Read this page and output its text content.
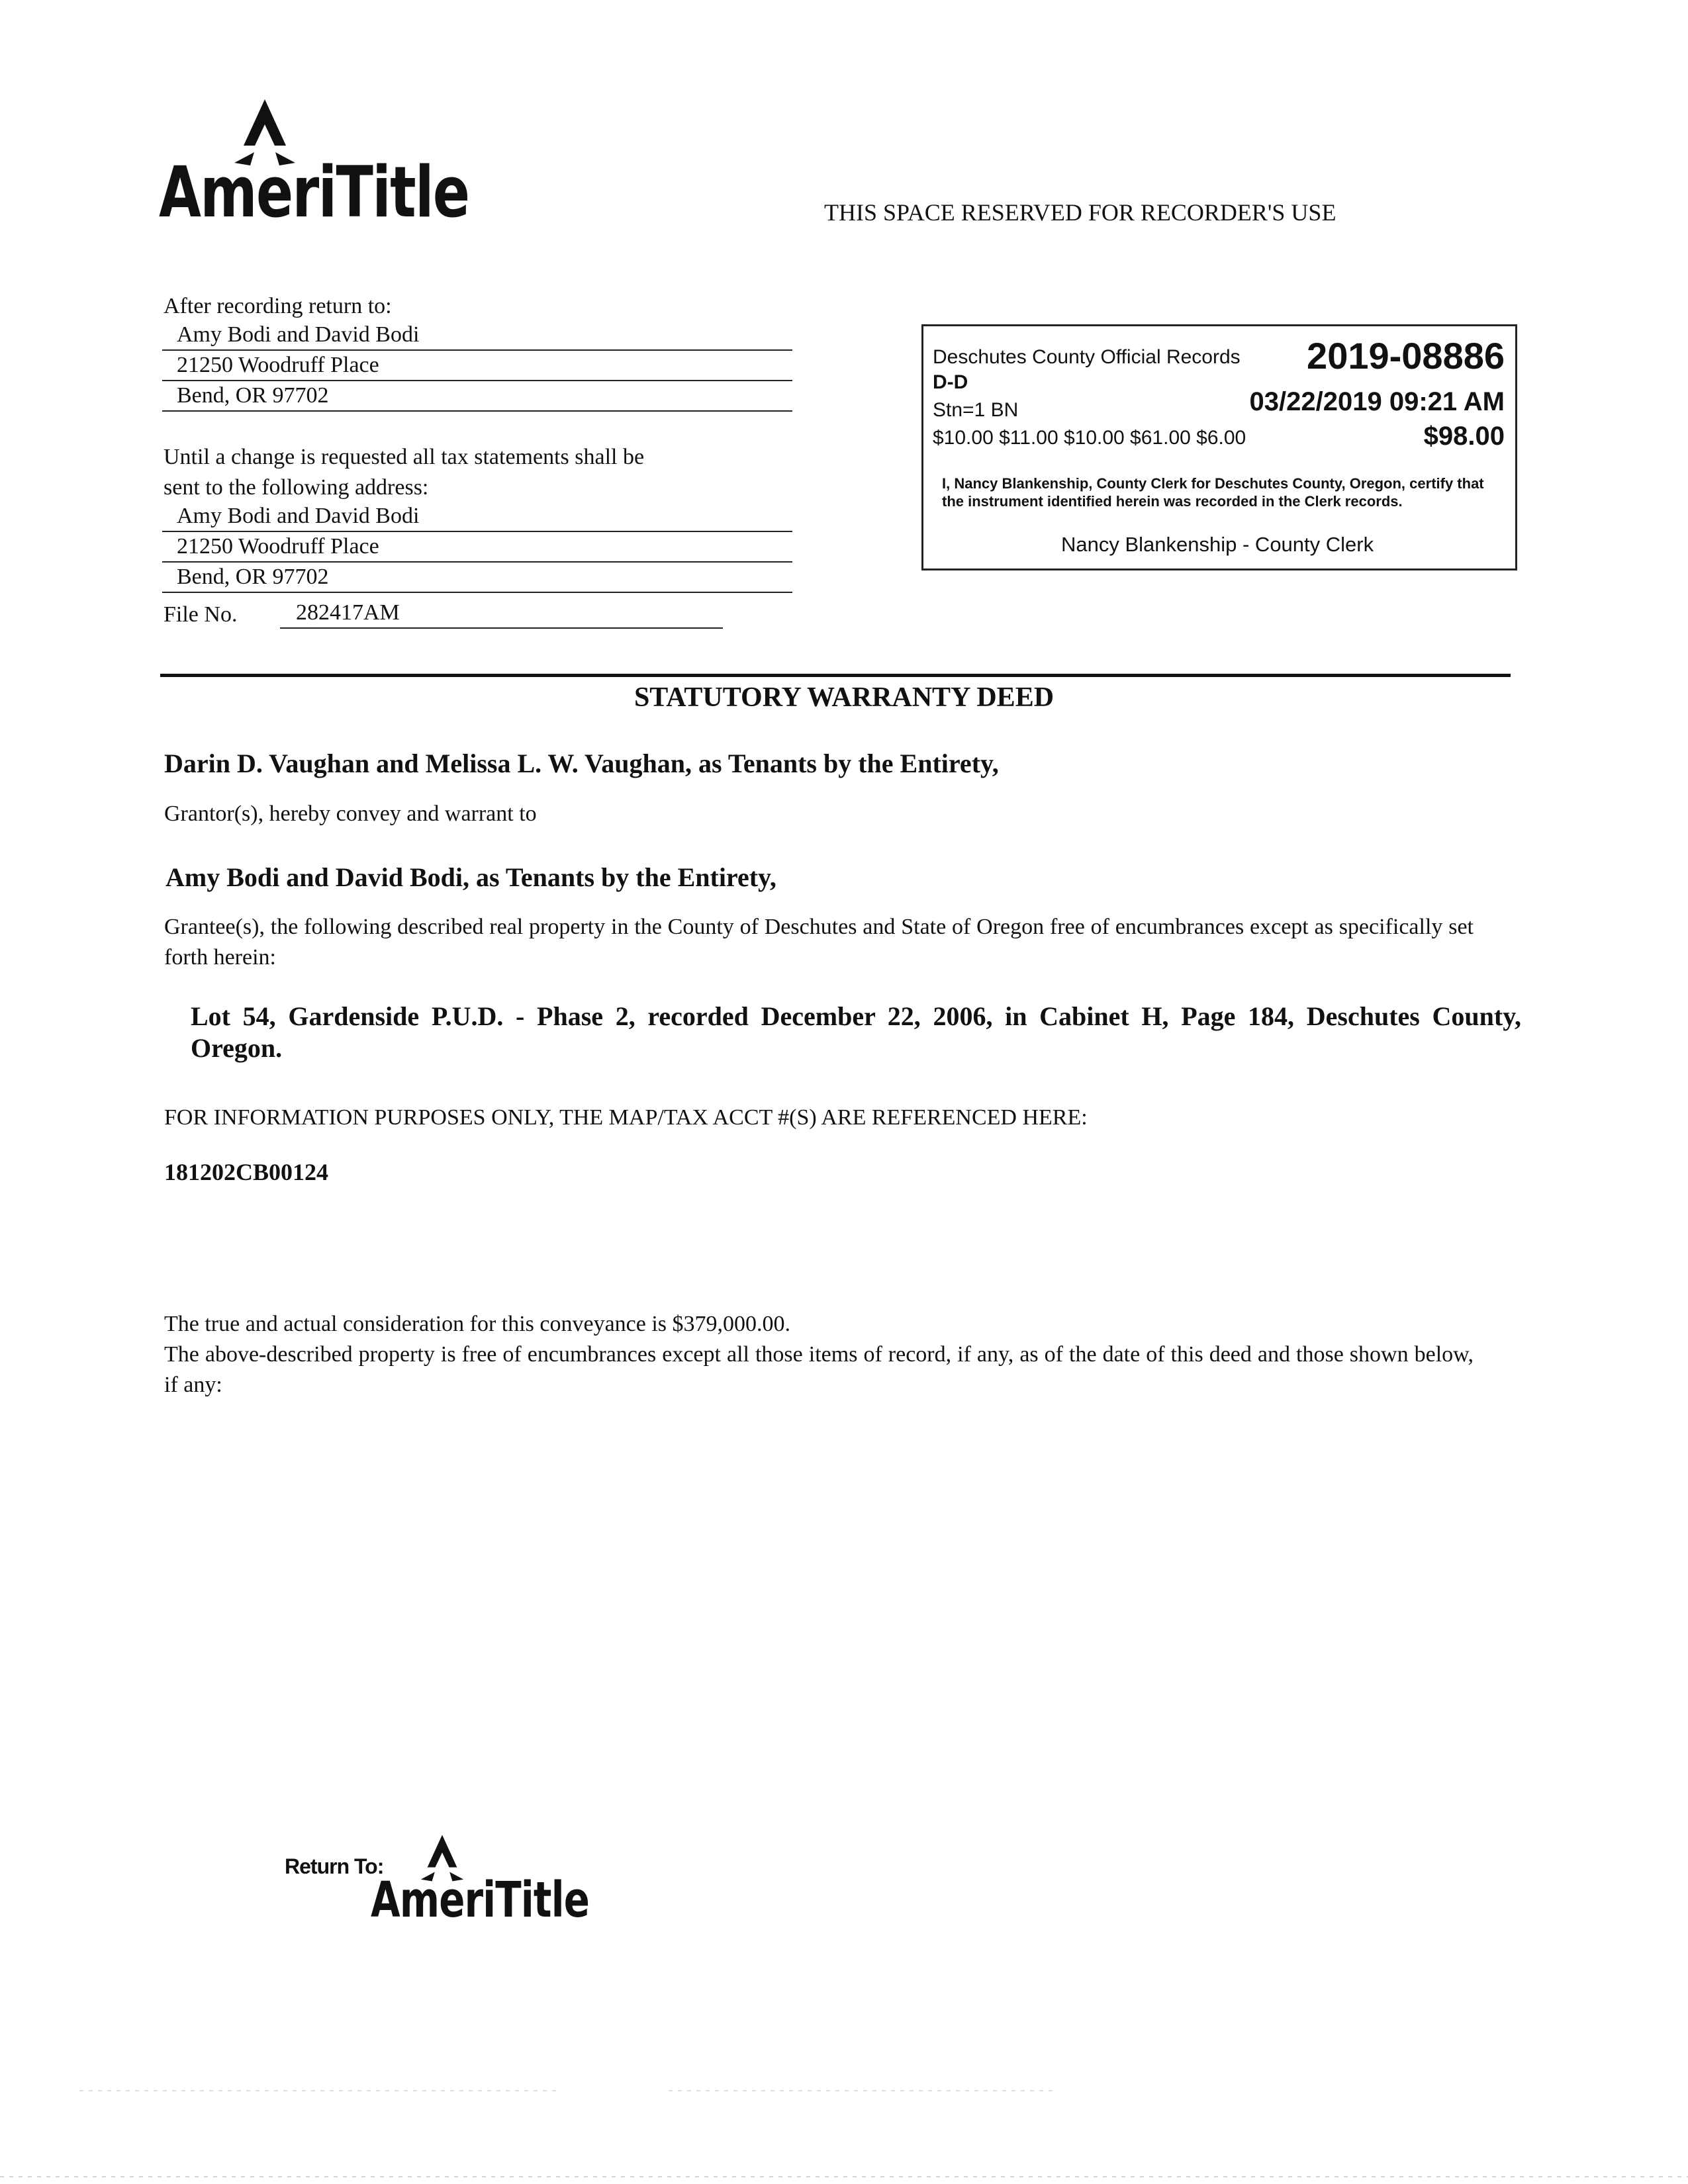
AmeriTitle	THIS SPACE RESERVED FOR RECORDER'S USE
After recording return to:
Amy Bodi and David Bodi
21250 Woodruff Place
Bend, OR 97702
Until a change is requested all tax statements shall be
sent to the following address:
Amy Bodi and David Bodi
21250 Woodruff Place
Bend, OR 97702
File No.	282417AM
Deschutes County Official Records 2019-08886
D-D
Stn=1 BN	03/22/2019 09:21 AM
$10.00 $11.00 $10.00 $61.00 $6.00	$98.00
I, Nancy Blankenship, County Clerk for Deschutes County, Oregon, certify that the instrument identified herein was recorded in the Clerk records.
Nancy Blankenship - County Clerk
STATUTORY WARRANTY DEED
Darin D. Vaughan and Melissa L. W. Vaughan, as Tenants by the Entirety,
Grantor(s), hereby convey and warrant to
Amy Bodi and David Bodi, as Tenants by the Entirety,
Grantee(s), the following described real property in the County of Deschutes and State of Oregon free of encumbrances except as specifically set forth herein:
Lot 54, Gardenside P.U.D. - Phase 2, recorded December 22, 2006, in Cabinet H, Page 184, Deschutes County, Oregon.
FOR INFORMATION PURPOSES ONLY, THE MAP/TAX ACCT #(S) ARE REFERENCED HERE:
181202CB00124
The true and actual consideration for this conveyance is $379,000.00.
The above-described property is free of encumbrances except all those items of record, if any, as of the date of this deed and those shown below, if any:
Return To:
AmeriTitle
